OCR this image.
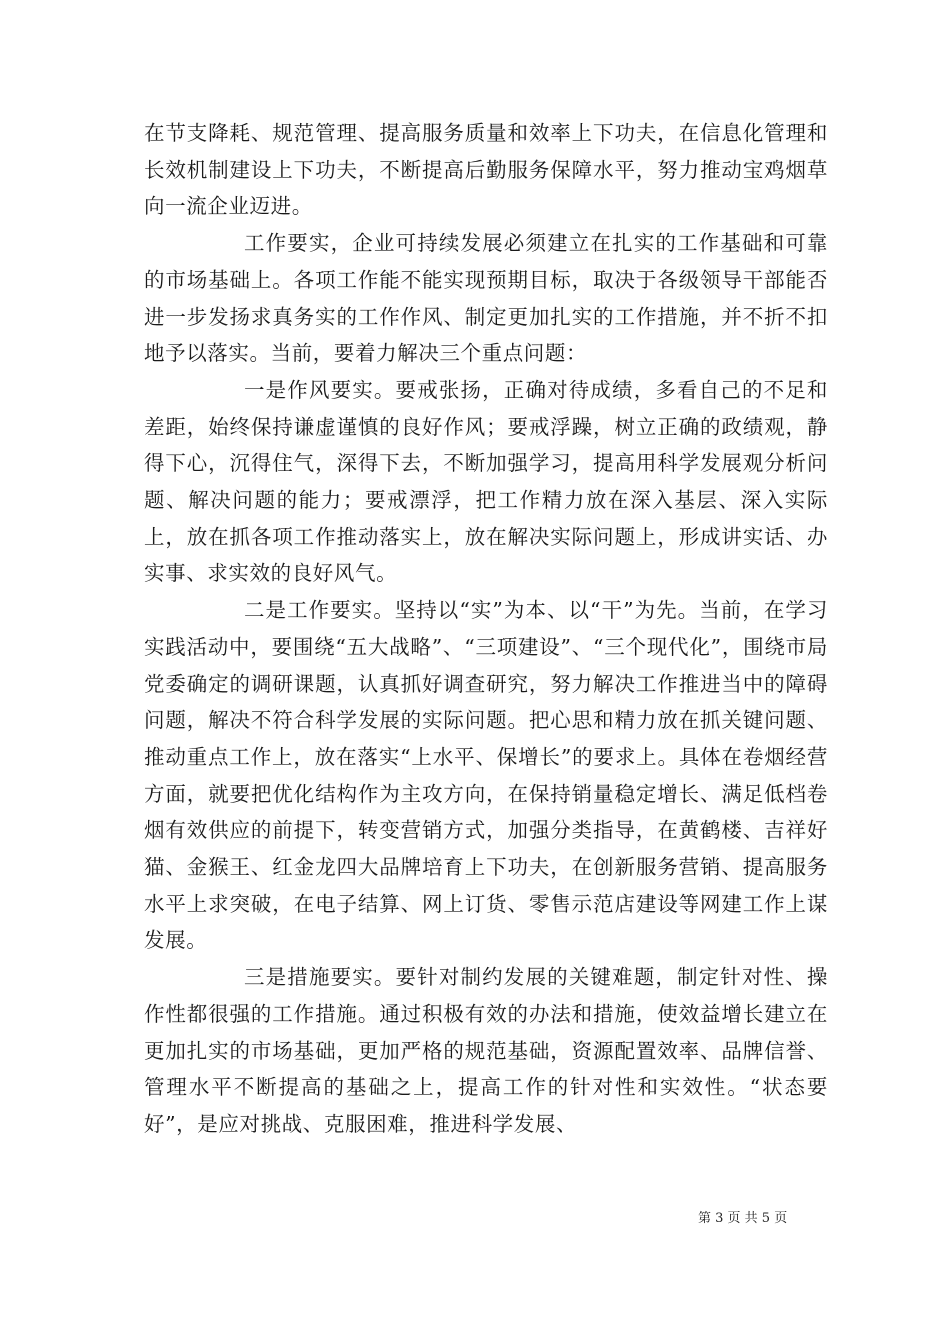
在节支降耗、规范管理、提高服务质量和效率上下功夫，在信息化管理和长效机制建设上下功夫，不断提高后勤服务保障水平，努力推动宝鸡烟草向一流企业迈进。

工作要实，企业可持续发展必须建立在扎实的工作基础和可靠的市场基础上。各项工作能不能实现预期目标，取决于各级领导干部能否进一步发扬求真务实的工作作风、制定更加扎实的工作措施，并不折不扣地予以落实。当前，要着力解决三个重点问题：

一是作风要实。要戒张扬，正确对待成绩，多看自己的不足和差距，始终保持谦虚谨慎的良好作风；要戒浮躁，树立正确的政绩观，静得下心，沉得住气，深得下去，不断加强学习，提高用科学发展观分析问题、解决问题的能力；要戒漂浮，把工作精力放在深入基层、深入实际上，放在抓各项工作推动落实上，放在解决实际问题上，形成讲实话、办实事、求实效的良好风气。

二是工作要实。坚持以“实”为本、以“干”为先。当前，在学习实践活动中，要围绕“五大战略”、“三项建设”、“三个现代化”，围绕市局党委确定的调研课题，认真抓好调查研究，努力解决工作推进当中的障碍问题，解决不符合科学发展的实际问题。把心思和精力放在抓关键问题、推动重点工作上，放在落实“上水平、保增长”的要求上。具体在卷烟经营方面，就要把优化结构作为主攻方向，在保持销量稳定增长、满足低档卷烟有效供应的前提下，转变营销方式，加强分类指导，在黄鹤楼、吉祥好猫、金猴王、红金龙四大品牌培育上下功夫，在创新服务营销、提高服务水平上求突破，在电子结算、网上订货、零售示范店建设等网建工作上谋发展。

三是措施要实。要针对制约发展的关键难题，制定针对性、操作性都很强的工作措施。通过积极有效的办法和措施，使效益增长建立在更加扎实的市场基础，更加严格的规范基础，资源配置效率、品牌信誉、管理水平不断提高的基础之上，提高工作的针对性和实效性。“状态要好”，是应对挑战、克服困难，推进科学发展、

第 3 页 共 5 页
